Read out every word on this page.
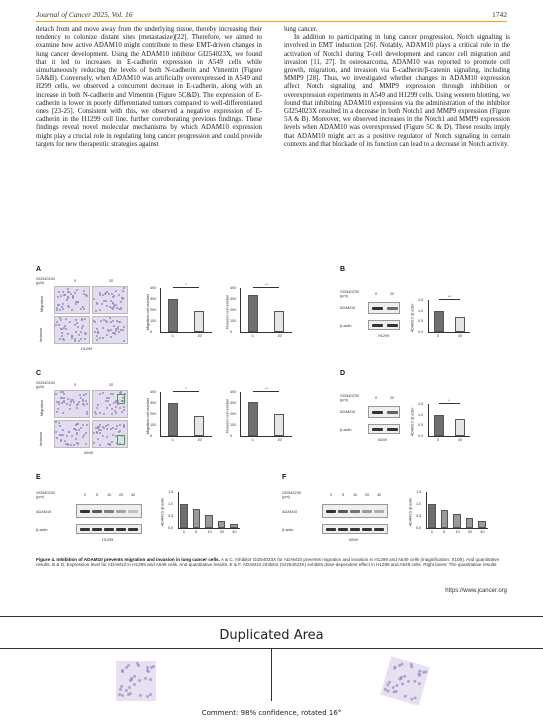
Journal of Cancer 2025, Vol. 16	1742

detach from and move away from the underlying tissue, thereby increasing their tendency to colonize distant sites (metastasize)[22]. Therefore, we aimed to examine how active ADAM10 might contribute to these EMT-driven changes in lung cancer development. Using the ADAM10 inhibitor GI254023X, we found that it led to increases in E-cadherin expression in A549 cells while simultaneously reducing the levels of both N-cadherin and Vimentin (Figure 5A&B). Conversely, when ADAM10 was artificially overexpressed in A549 and H299 cells, we observed a concurrent decrease in E-cadherin, along with an increase in both N-cadherin and Vimentin (Figure 5C&D). The expression of E-cadherin is lower in poorly differentiated tumors compared to well-differentiated ones [23-25]. Consistent with this, we observed a negative expression of E-cadherin in the H1299 cell line, further corroborating previous findings. These findings reveal novel molecular mechanisms by which ADAM10 expression might play a crucial role in regulating lung cancer progression and could provide targets for new therapeutic strategies against

lung cancer.

In addition to participating in lung cancer progression, Notch signaling is involved in EMT induction [26]. Notably, ADAM10 plays a critical role in the activation of Notch1 during T-cell development and cancer cell migration and invasion [11, 27]. In osteosarcoma, ADAM10 was reported to promote cell growth, migration, and invasion via E-cadherin/β-catenin signaling, including MMP9 [28]. Thus, we investigated whether changes in ADAM10 expression affect Notch signaling and MMP9 expression through inhibition or overexpression experiments in A549 and H1299 cells. Using western blotting, we found that inhibiting ADAM10 expression via the administration of the inhibitor GI254023X resulted in a decrease in both Notch1 and MMP9 expression (Figure 5A & B). Moreover, we observed increases in the Notch1 and MMP9 expression levels when ADAM10 was overexpressed (Figure 5C & D). These results imply that ADAM10 might act as a positive regulator of Notch signaling in certain contexts and that blockade of its function can lead to a decrease in Notch activity.

A
GI254023X
(μM)	0	20
Migration
Invasion
H1299
B
GI254023X
(μm)	0	20
ADAM10
β-actin
H1299
C
GI254023X
(μM)	0	20
Migration
Invasion
A549
D
GI254023X
(μm)	0	20
ADAM10
β-actin
A549
E
GI254023X
(μm)	0	5 10 20 40
ADAM10
β-actin
H1299
F
GI254023X
(μm)	0	5 10 20 40
ADAM10
β-actin
A549
Migration cell number
0
100
200
300
400
0	20
*
Invasion cell number
0
100
200
300
400
0	20
**
ADAM10 /β-actin 0.0
0.5
1.0
1.5
0	20
**
Migration cell number
0
100
200
300
400
0	20
*
Invasion cell number
0
100
200
300
400
0	20
**
ADAM10 /β-actin 0.0
0.5
1.0
1.5
0	20
*
ADAM10 /β-actin
0.0
0.5
1.0
1.5
0	5	10 20 40
ADAM10 /β-actin
0.0
0.5
1.0
1.5
0	5	10 20 40
Figure 4. Inhibition of ADAM10 prevents migration and invasion in lung cancer cells. A & C. Inhibitor GI254023X for ADAM10 prevents migration and invasion in H1299 and A549 cells (magnification: X100). And quantitative results. B & D. Expression level for ADAM10 in H1299 and A549 cells. And quantitative results. E & F. ADAM10 inhibitor (GI254023X) exhibits dose-dependent effect in H1299 and A549 cells. Right lanes: The quantitative results.
https://www.jcancer.org
Duplicated Area
Comment: 98% confidence, rotated 16°
